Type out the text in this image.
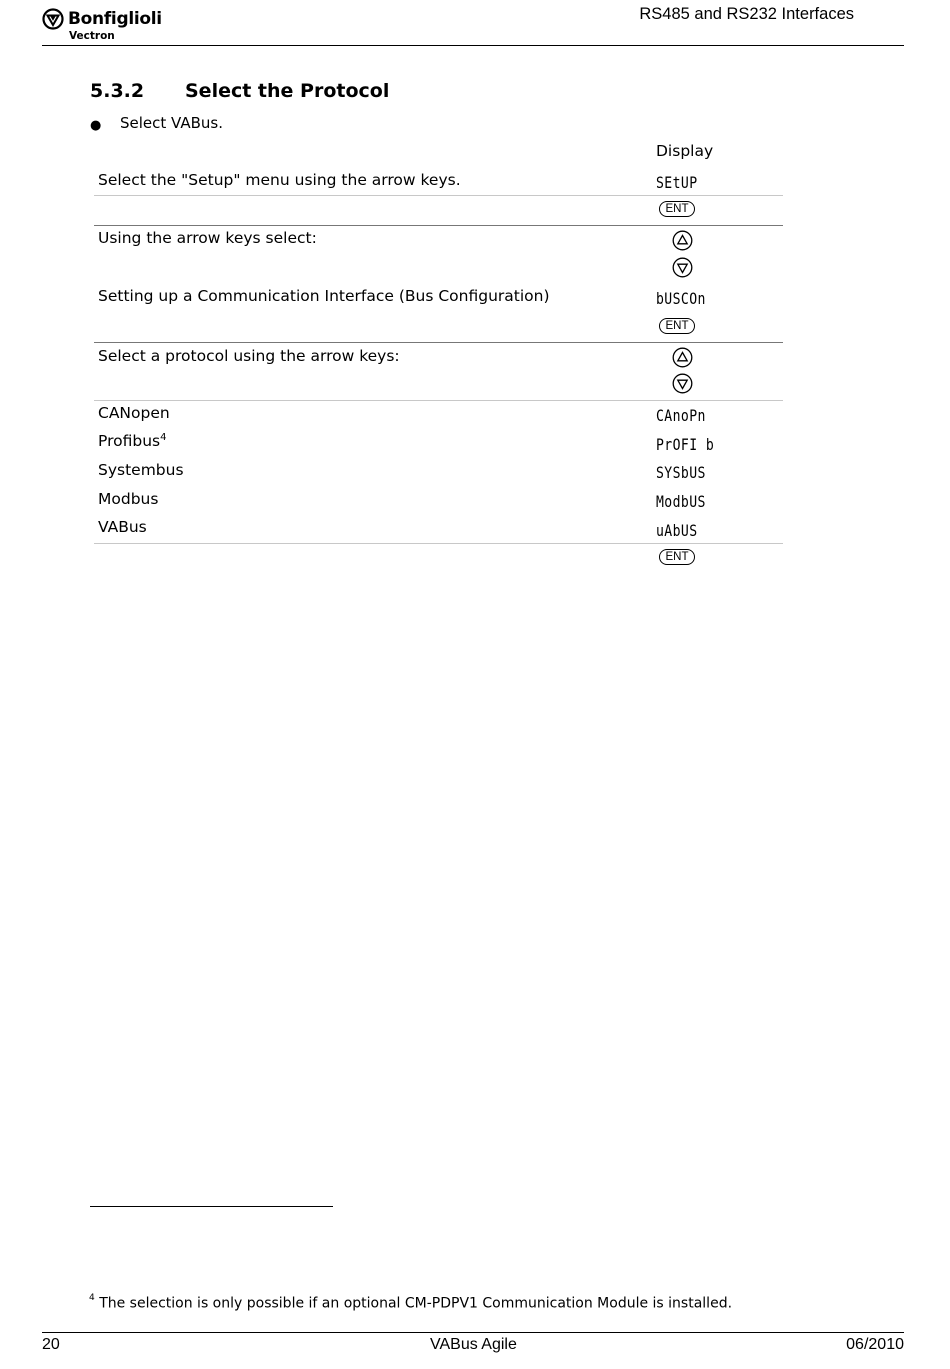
Bonfiglioli
Vectron
RS485 and RS232 Interfaces
5.3.2 Select the Protocol
● Select VABus.
Display
Select the "Setup" menu using the arrow keys.	SEtUP
ENT
Using the arrow keys select:
Setting up a Communication Interface (Bus Configuration)	bUSCOn
ENT
Select a protocol using the arrow keys:
CANopen	CAnoPn
Profibus$^4$	PrOFI b
Systembus	SYSbUS
Modbus	ModbUS
VABus	uAbUS
ENT
$^4$ The selection is only possible if an optional CM-PDPV1 Communication Module is installed.
20	VABus Agile	06/2010
